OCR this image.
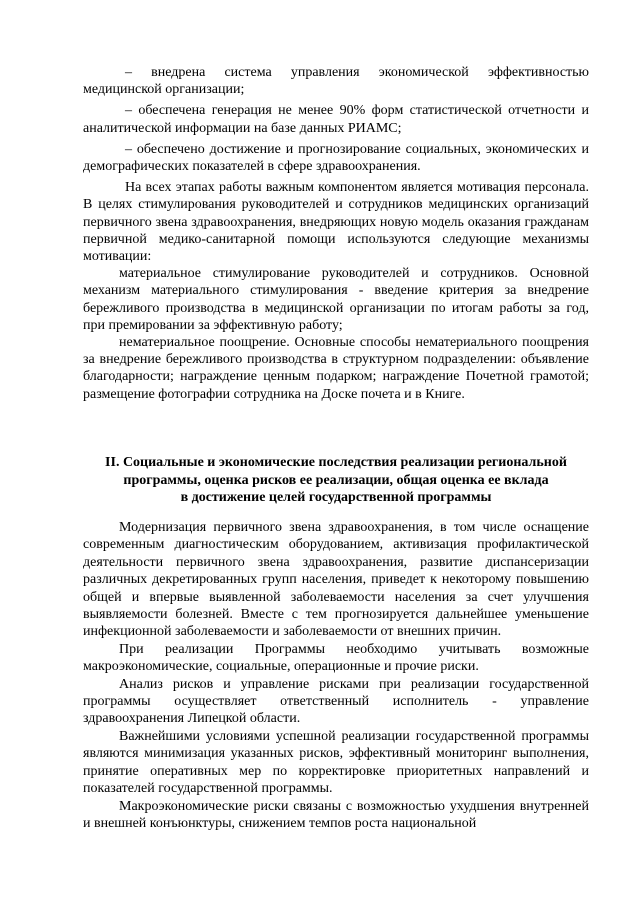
– внедрена система управления экономической эффективностью медицинской организации;

– обеспечена генерация не менее 90% форм статистической отчетности и аналитической информации на базе данных РИАМС;

– обеспечено достижение и прогнозирование социальных, экономических и демографических показателей в сфере здравоохранения.

На всех этапах работы важным компонентом является мотивация персонала. В целях стимулирования руководителей и сотрудников медицинских организаций первичного звена здравоохранения, внедряющих новую модель оказания гражданам первичной медико-санитарной помощи используются следующие механизмы мотивации:

материальное стимулирование руководителей и сотрудников. Основной механизм материального стимулирования - введение критерия за внедрение бережливого производства в медицинской организации по итогам работы за год, при премировании за эффективную работу;

нематериальное поощрение. Основные способы нематериального поощрения за внедрение бережливого производства в структурном подразделении: объявление благодарности; награждение ценным подарком; награждение Почетной грамотой; размещение фотографии сотрудника на Доске почета и в Книге.

II. Социальные и экономические последствия реализации региональной
программы, оценка рисков ее реализации, общая оценка ее вклада
в достижение целей государственной программы

Модернизация первичного звена здравоохранения, в том числе оснащение современным диагностическим оборудованием, активизация профилактической деятельности первичного звена здравоохранения, развитие диспансеризации различных декретированных групп населения, приведет к некоторому повышению общей и впервые выявленной заболеваемости населения за счет улучшения выявляемости болезней. Вместе с тем прогнозируется дальнейшее уменьшение инфекционной заболеваемости и заболеваемости от внешних причин.

При реализации Программы необходимо учитывать возможные макроэкономические, социальные, операционные и прочие риски.

Анализ рисков и управление рисками при реализации государственной программы осуществляет ответственный исполнитель - управление здравоохранения Липецкой области.

Важнейшими условиями успешной реализации государственной программы являются минимизация указанных рисков, эффективный мониторинг выполнения, принятие оперативных мер по корректировке приоритетных направлений и показателей государственной программы.

Макроэкономические риски связаны с возможностью ухудшения внутренней и внешней конъюнктуры, снижением темпов роста национальной
